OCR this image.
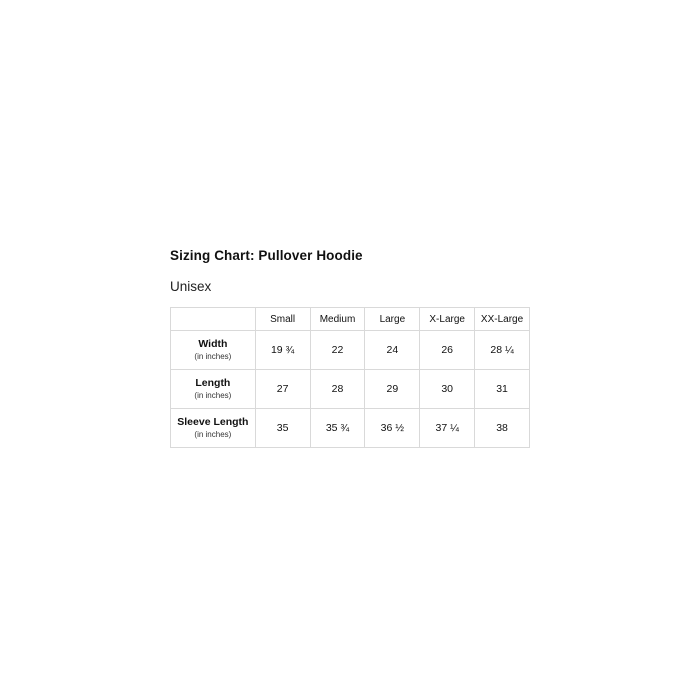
Sizing Chart: Pullover Hoodie
Unisex
	Small	Medium	Large	X-Large	XX-Large

Width
(in inches)	19 ¾	22	24	26	28 ¼

Length
(in inches)	27	28	29	30	31

Sleeve Length
(in inches)	35	35 ¾	36 ½	37 ¼	38
